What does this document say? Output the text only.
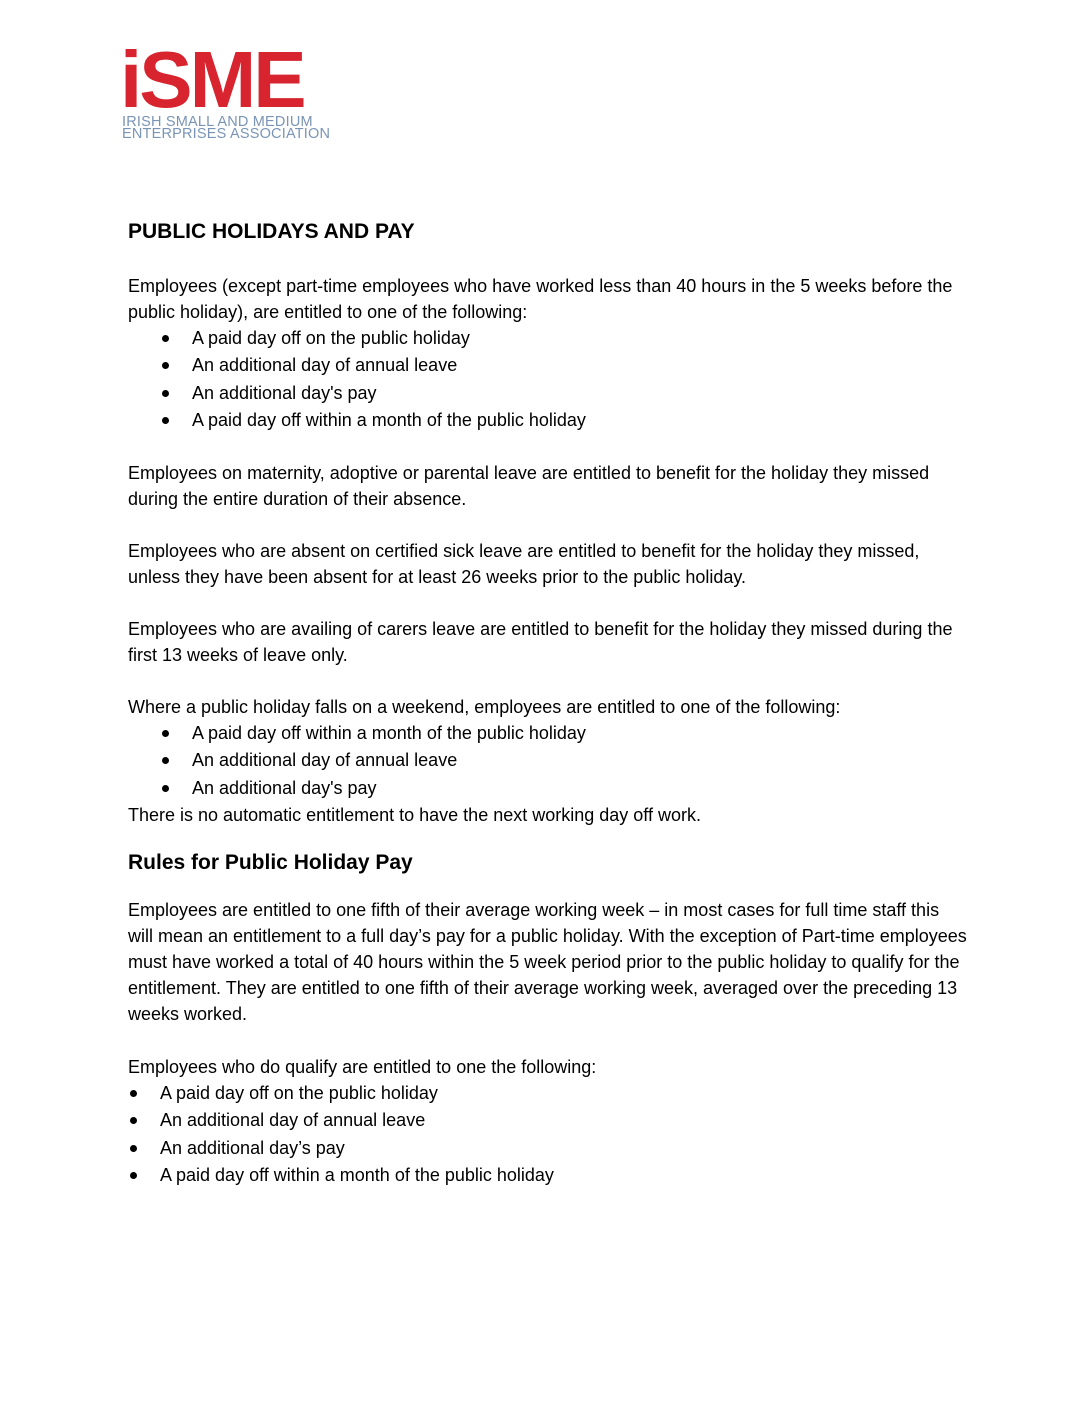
iSME
IRISH SMALL AND MEDIUM
ENTERPRISES ASSOCIATION
PUBLIC HOLIDAYS AND PAY

Employees (except part-time employees who have worked less than 40 hours in the 5 weeks before the public holiday), are entitled to one of the following:

A paid day off on the public holiday
An additional day of annual leave
An additional day's pay
A paid day off within a month of the public holiday

Employees on maternity, adoptive or parental leave are entitled to benefit for the holiday they missed during the entire duration of their absence.

Employees who are absent on certified sick leave are entitled to benefit for the holiday they missed, unless they have been absent for at least 26 weeks prior to the public holiday.

Employees who are availing of carers leave are entitled to benefit for the holiday they missed during the first 13 weeks of leave only.

Where a public holiday falls on a weekend, employees are entitled to one of the following:

A paid day off within a month of the public holiday
An additional day of annual leave
An additional day's pay

There is no automatic entitlement to have the next working day off work.

Rules for Public Holiday Pay

Employees are entitled to one fifth of their average working week – in most cases for full time staff this will mean an entitlement to a full day’s pay for a public holiday. With the exception of Part-time employees must have worked a total of 40 hours within the 5 week period prior to the public holiday to qualify for the entitlement. They are entitled to one fifth of their average working week, averaged over the preceding 13 weeks worked.

Employees who do qualify are entitled to one the following:

A paid day off on the public holiday
An additional day of annual leave
An additional day’s pay
A paid day off within a month of the public holiday
